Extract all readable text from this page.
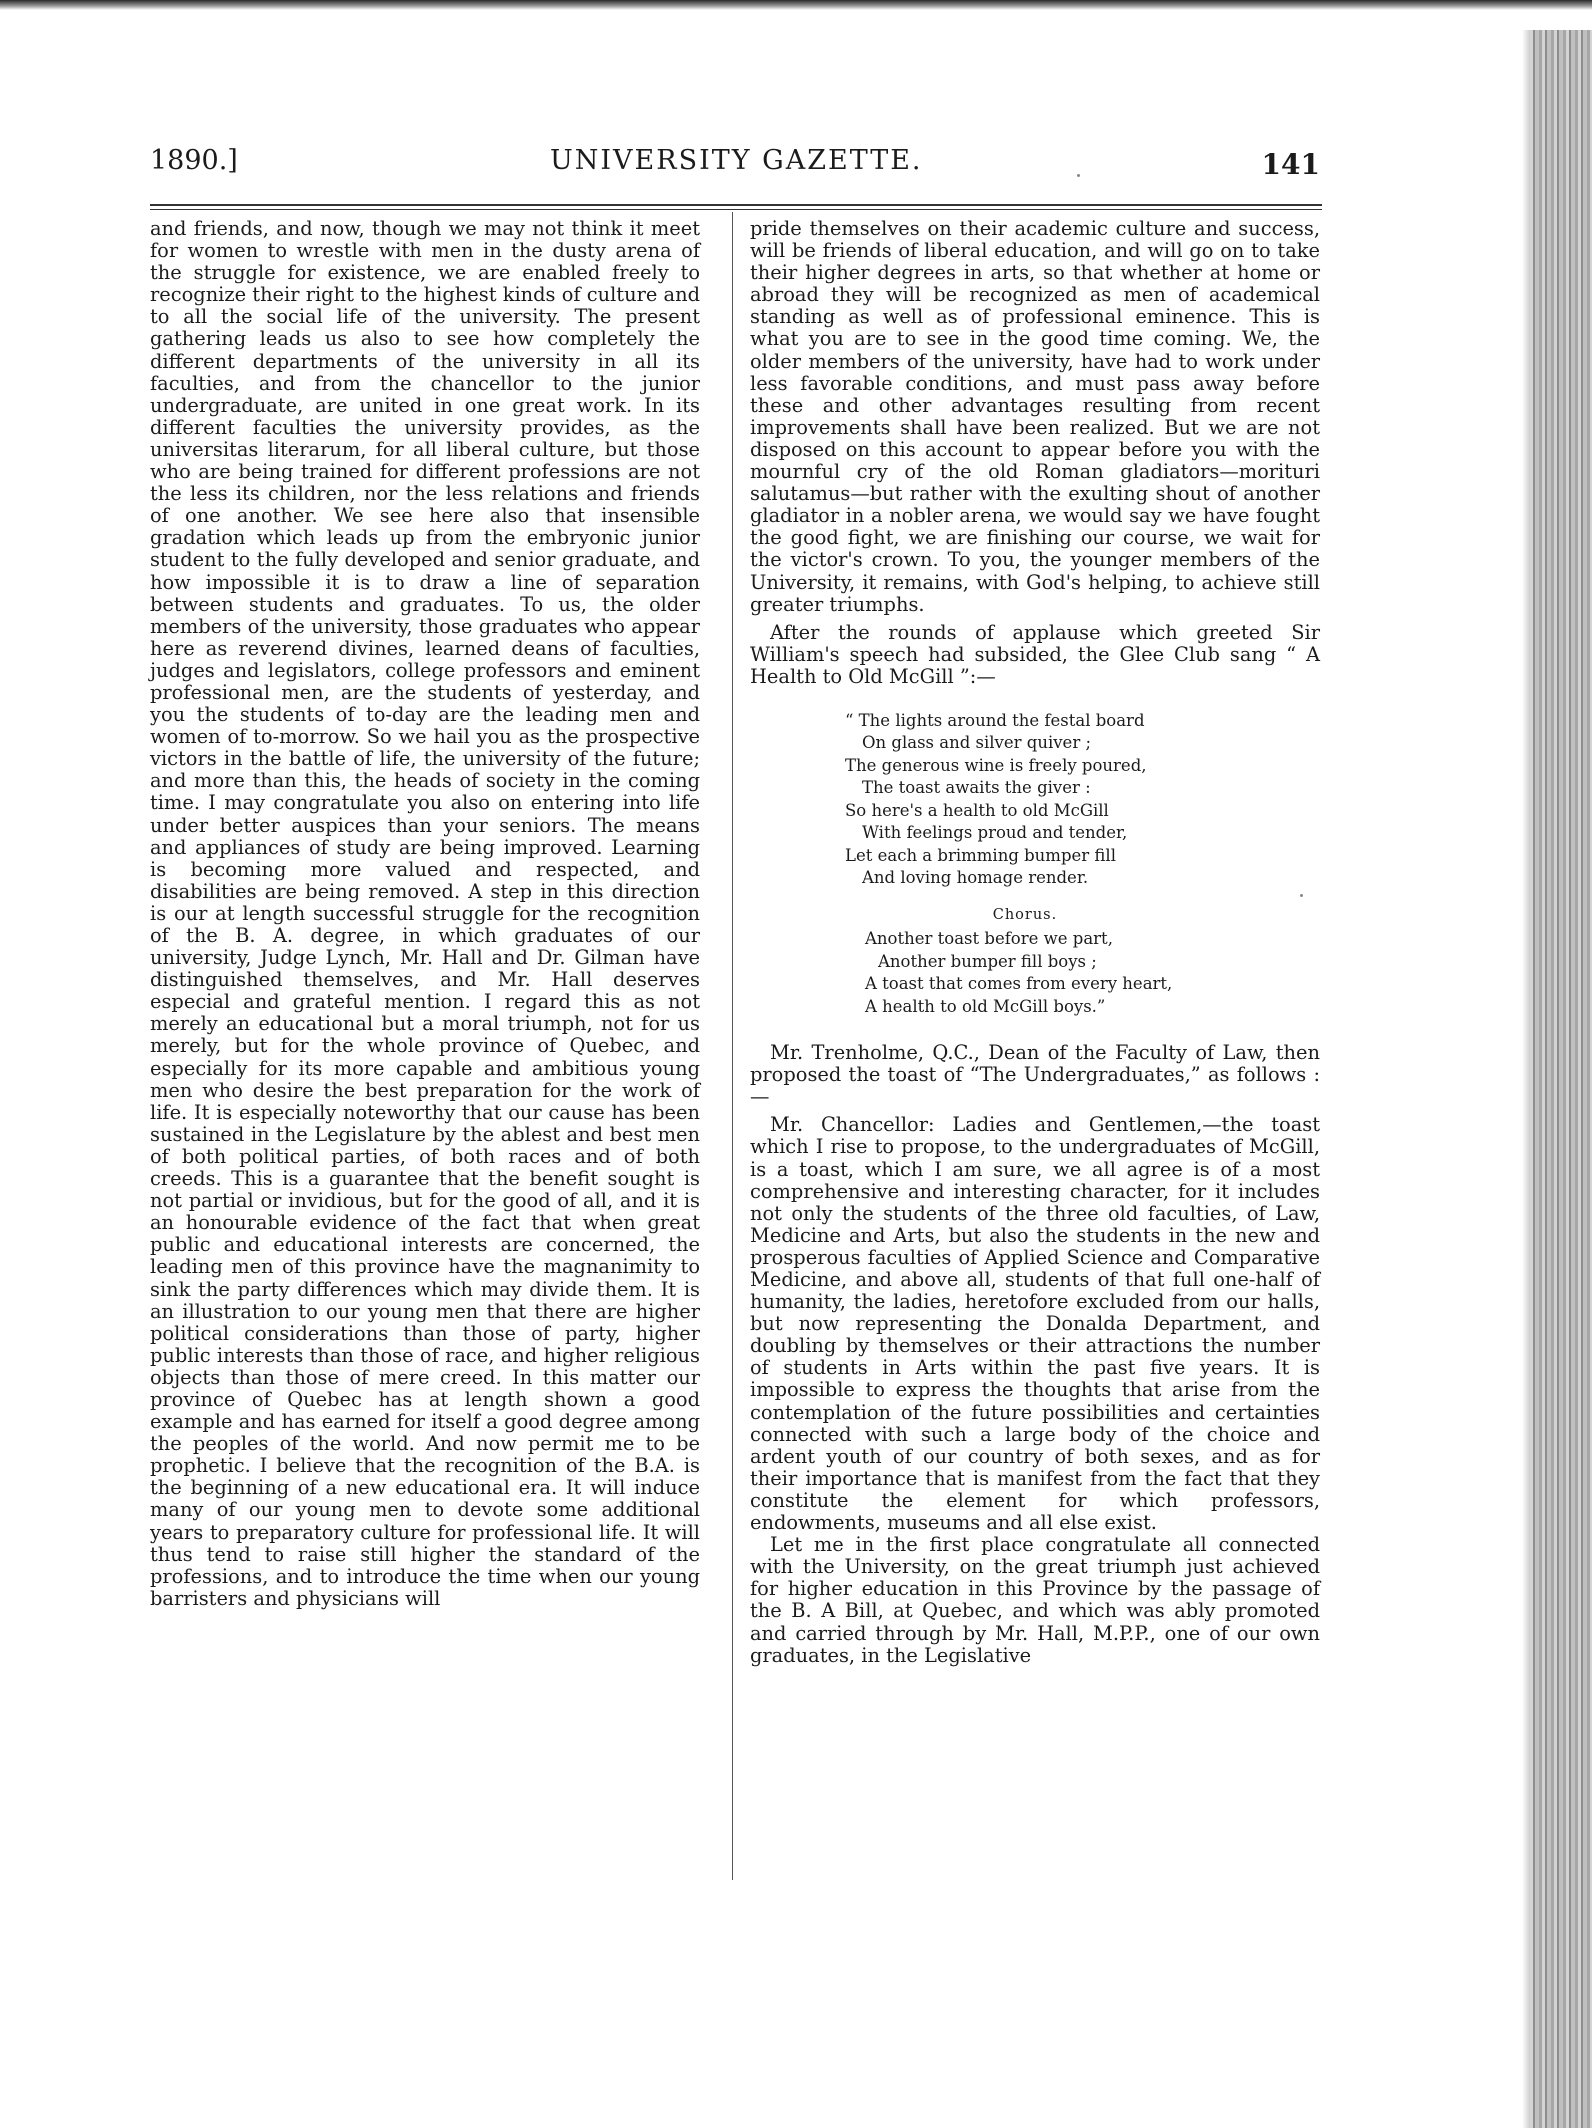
1890.]	UNIVERSITY GAZETTE.	141

and friends, and now, though we may not think it meet for women to wrestle with men in the dusty arena of the struggle for existence, we are enabled freely to recognize their right to the highest kinds of culture and to all the social life of the university. The present gathering leads us also to see how completely the different departments of the university in all its faculties, and from the chancellor to the junior undergraduate, are united in one great work. In its different faculties the university provides, as the universitas literarum, for all liberal culture, but those who are being trained for different professions are not the less its children, nor the less relations and friends of one another. We see here also that insensible gradation which leads up from the embryonic junior student to the fully developed and senior graduate, and how impossible it is to draw a line of separation between students and graduates. To us, the older members of the university, those graduates who appear here as reverend divines, learned deans of faculties, judges and legislators, college professors and eminent professional men, are the students of yesterday, and you the students of to-day are the leading men and women of to-morrow. So we hail you as the prospective victors in the battle of life, the university of the future; and more than this, the heads of society in the coming time. I may congratulate you also on entering into life under better auspices than your seniors. The means and appliances of study are being improved. Learning is becoming more valued and respected, and disabilities are being removed. A step in this direction is our at length successful struggle for the recognition of the B. A. degree, in which graduates of our university, Judge Lynch, Mr. Hall and Dr. Gilman have distinguished themselves, and Mr. Hall deserves especial and grateful mention. I regard this as not merely an educational but a moral triumph, not for us merely, but for the whole province of Quebec, and especially for its more capable and ambitious young men who desire the best preparation for the work of life. It is especially noteworthy that our cause has been sustained in the Legislature by the ablest and best men of both political parties, of both races and of both creeds. This is a guarantee that the benefit sought is not partial or invidious, but for the good of all, and it is an honourable evidence of the fact that when great public and educational interests are concerned, the leading men of this province have the magnanimity to sink the party differences which may divide them. It is an illustration to our young men that there are higher political considerations than those of party, higher public interests than those of race, and higher religious objects than those of mere creed. In this matter our province of Quebec has at length shown a good example and has earned for itself a good degree among the peoples of the world. And now permit me to be prophetic. I believe that the recognition of the B.A. is the beginning of a new educational era. It will induce many of our young men to devote some additional years to preparatory culture for professional life. It will thus tend to raise still higher the standard of the professions, and to introduce the time when our young barristers and physicians will

pride themselves on their academic culture and success, will be friends of liberal education, and will go on to take their higher degrees in arts, so that whether at home or abroad they will be recognized as men of academical standing as well as of professional eminence. This is what you are to see in the good time coming. We, the older members of the university, have had to work under less favorable conditions, and must pass away before these and other advantages resulting from recent improvements shall have been realized. But we are not disposed on this account to appear before you with the mournful cry of the old Roman gladiators—morituri salutamus—but rather with the exulting shout of another gladiator in a nobler arena, we would say we have fought the good fight, we are finishing our course, we wait for the victor's crown. To you, the younger members of the University, it remains, with God's helping, to achieve still greater triumphs.

After the rounds of applause which greeted Sir William's speech had subsided, the Glee Club sang “ A Health to Old McGill ”:—

“ The lights around the festal board
On glass and silver quiver ;
The generous wine is freely poured,
The toast awaits the giver :
So here's a health to old McGill
With feelings proud and tender,
Let each a brimming bumper fill
And loving homage render.
Chorus.
Another toast before we part,
Another bumper fill boys ;
A toast that comes from every heart,
A health to old McGill boys.”

Mr. Trenholme, Q.C., Dean of the Faculty of Law, then proposed the toast of “The Undergraduates,” as follows :—

Mr. Chancellor: Ladies and Gentlemen,—the toast which I rise to propose, to the undergraduates of McGill, is a toast, which I am sure, we all agree is of a most comprehensive and interesting character, for it includes not only the students of the three old faculties, of Law, Medicine and Arts, but also the students in the new and prosperous faculties of Applied Science and Comparative Medicine, and above all, students of that full one-half of humanity, the ladies, heretofore excluded from our halls, but now representing the Donalda Department, and doubling by themselves or their attractions the number of students in Arts within the past five years. It is impossible to express the thoughts that arise from the contemplation of the future possibilities and certainties connected with such a large body of the choice and ardent youth of our country of both sexes, and as for their importance that is manifest from the fact that they constitute the element for which professors, endowments, museums and all else exist.

Let me in the first place congratulate all connected with the University, on the great triumph just achieved for higher education in this Province by the passage of the B. A Bill, at Quebec, and which was ably promoted and carried through by Mr. Hall, M.P.P., one of our own graduates, in the Legislative
